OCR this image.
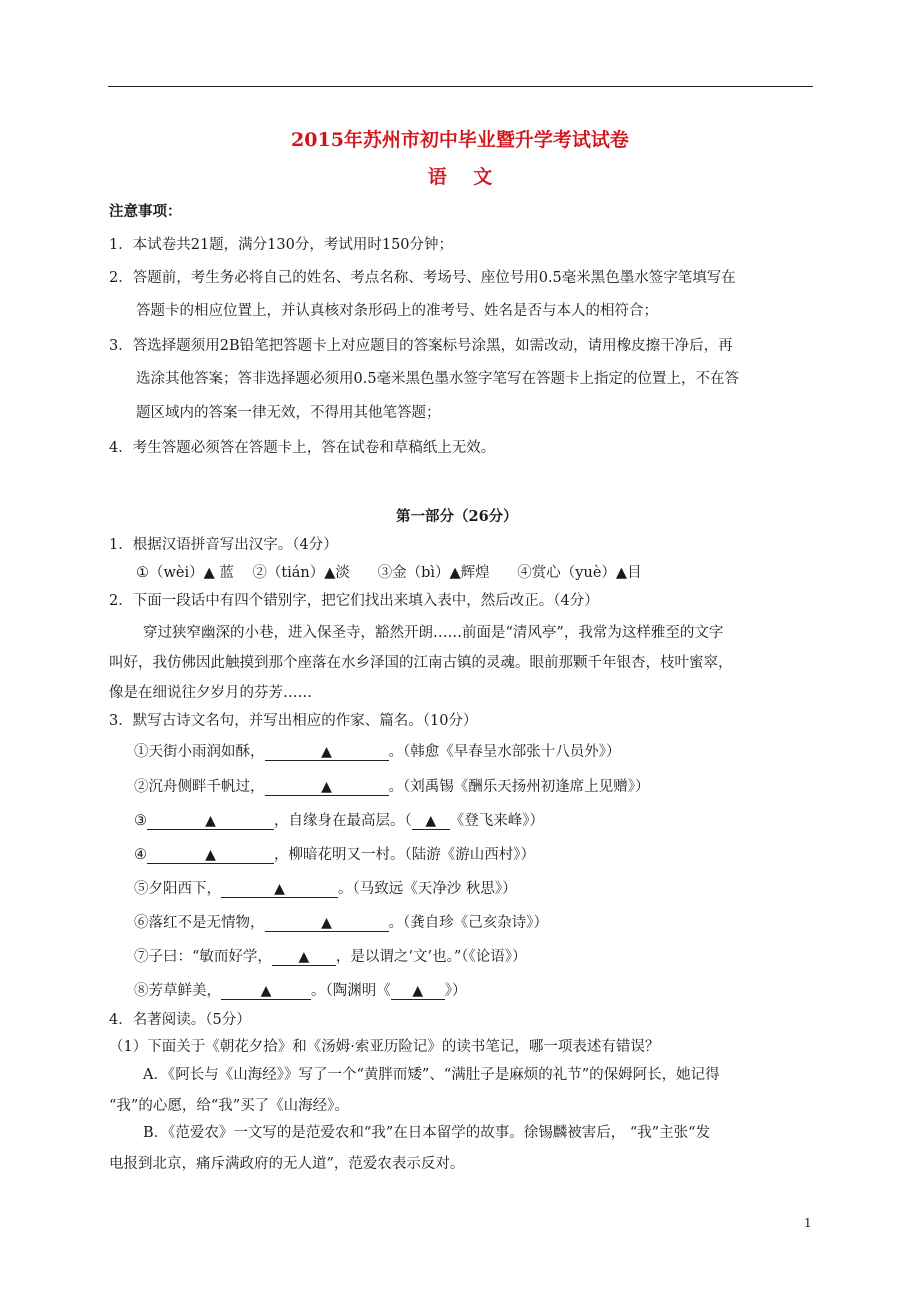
2015年苏州市初中毕业暨升学考试试卷
语    文
注意事项：
1．本试卷共21题，满分130分，考试用时150分钟；
2．答题前，考生务必将自己的姓名、考点名称、考场号、座位号用0.5毫米黑色墨水签字笔填写在
答题卡的相应位置上，并认真核对条形码上的准考号、姓名是否与本人的相符合；
3．答选择题须用2B铅笔把答题卡上对应题目的答案标号涂黑，如需改动，请用橡皮擦干净后，再
选涂其他答案；答非选择题必须用0.5毫米黑色墨水签字笔写在答题卡上指定的位置上，不在答
题区域内的答案一律无效，不得用其他笔答题；
4．考生答题必须答在答题卡上，答在试卷和草稿纸上无效。
第一部分（26分）
1．根据汉语拼音写出汉字。（4分）
①（wèi）▲ 蓝    ②（tián）▲淡      ③金（bì）▲辉煌      ④赏心（yuè）▲目
2．下面一段话中有四个错别字，把它们找出来填入表中，然后改正。（4分）
穿过狭窄幽深的小巷，进入保圣寺，豁然开朗……前面是“清风亭”，我常为这样雅至的文字
叫好，我仿佛因此触摸到那个座落在水乡泽国的江南古镇的灵魂。眼前那颗千年银杏，枝叶蜜窣，
像是在细说往夕岁月的芬芳……
3．默写古诗文名句，并写出相应的作家、篇名。（10分）
①天街小雨润如酥，	▲	。（韩愈《早春呈水部张十八员外》）
②沉舟侧畔千帆过，	▲	。（刘禹锡《酬乐天扬州初逢席上见赠》）
③	▲	，自缘身在最高层。（ ▲ 《登飞来峰》）
④	▲	，柳暗花明又一村。（陆游《游山西村》）
⑤夕阳西下，	▲	。（马致远《天净沙 秋思》）
⑥落红不是无情物，	▲	。（龚自珍《己亥杂诗》）
⑦子曰：“敏而好学， ▲ ，是以谓之‘文’也。”（《论语》）
⑧芳草鲜美，	▲	。（陶渊明《 ▲ 》）
4．名著阅读。（5分）
（1）下面关于《朝花夕拾》和《汤姆·索亚历险记》的读书笔记，哪一项表述有错误？
A．《阿长与《山海经》》写了一个“黄胖而矮”、“满肚子是麻烦的礼节”的保姆阿长，她记得
“我”的心愿，给“我”买了《山海经》。
B．《范爱农》一文写的是范爱农和“我”在日本留学的故事。徐锡麟被害后， “我”主张“发
电报到北京，痛斥满政府的无人道”，范爱农表示反对。
1
